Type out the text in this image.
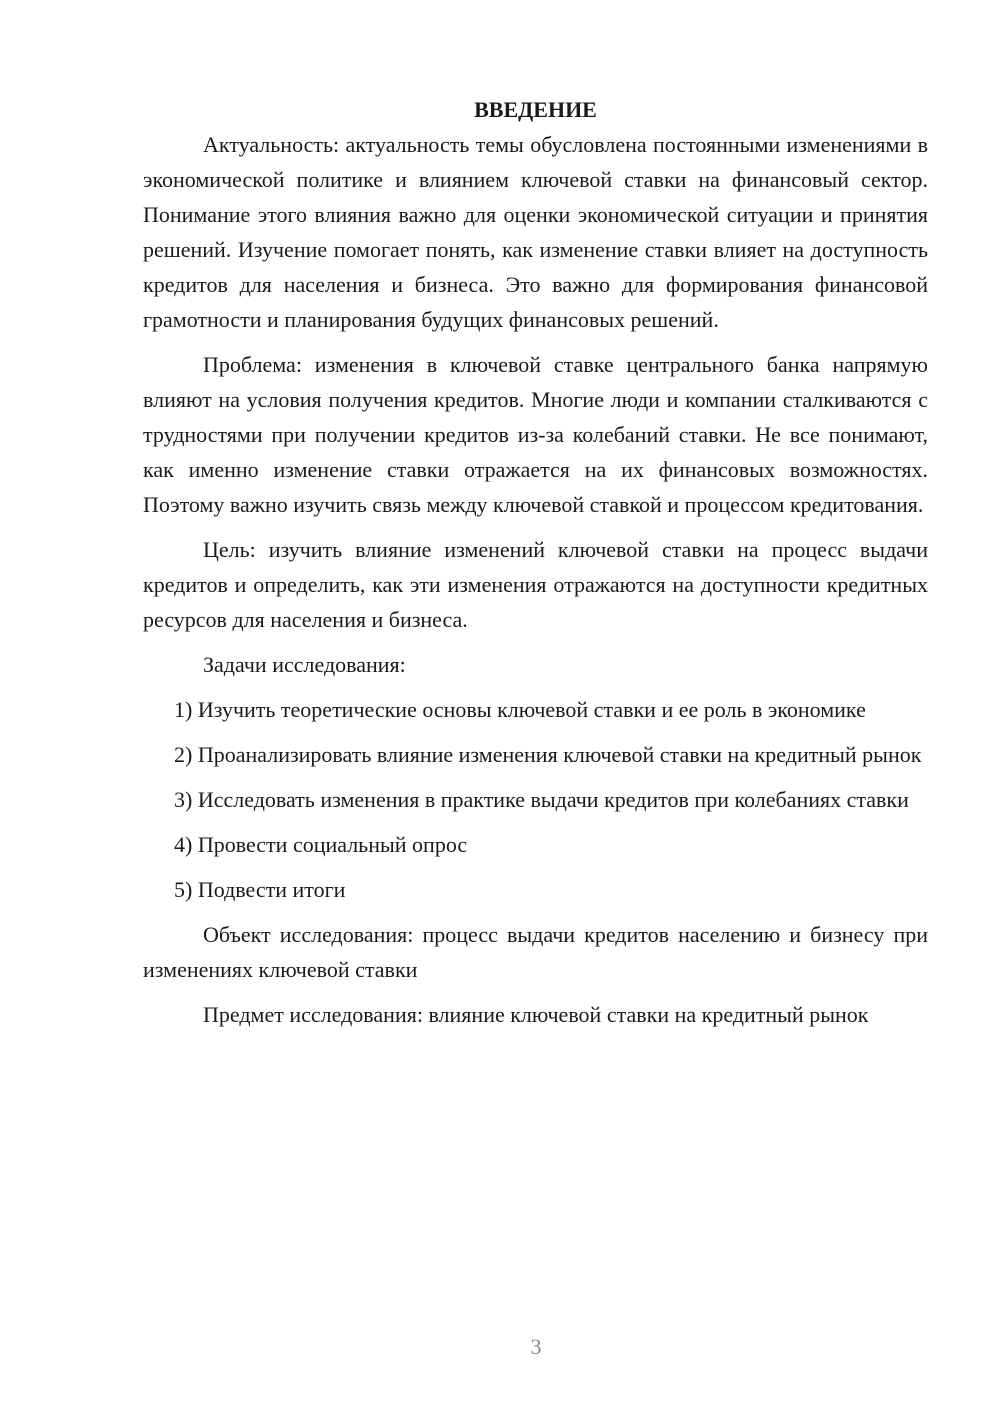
ВВЕДЕНИЕ

Актуальность: актуальность темы обусловлена постоянными изменениями в экономической политике и влиянием ключевой ставки на финансовый сектор. Понимание этого влияния важно для оценки экономической ситуации и принятия решений. Изучение помогает понять, как изменение ставки влияет на доступность кредитов для населения и бизнеса. Это важно для формирования финансовой грамотности и планирования будущих финансовых решений.

Проблема: изменения в ключевой ставке центрального банка напрямую влияют на условия получения кредитов. Многие люди и компании сталкиваются с трудностями при получении кредитов из-за колебаний ставки. Не все понимают, как именно изменение ставки отражается на их финансовых возможностях. Поэтому важно изучить связь между ключевой ставкой и процессом кредитования.

Цель: изучить влияние изменений ключевой ставки на процесс выдачи кредитов и определить, как эти изменения отражаются на доступности кредитных ресурсов для населения и бизнеса.

Задачи исследования:

1) Изучить теоретические основы ключевой ставки и ее роль в экономике

2) Проанализировать влияние изменения ключевой ставки на кредитный рынок

3) Исследовать изменения в практике выдачи кредитов при колебаниях ставки

4) Провести социальный опрос

5) Подвести итоги

Объект исследования: процесс выдачи кредитов населению и бизнесу при изменениях ключевой ставки

Предмет исследования: влияние ключевой ставки на кредитный рынок

3
